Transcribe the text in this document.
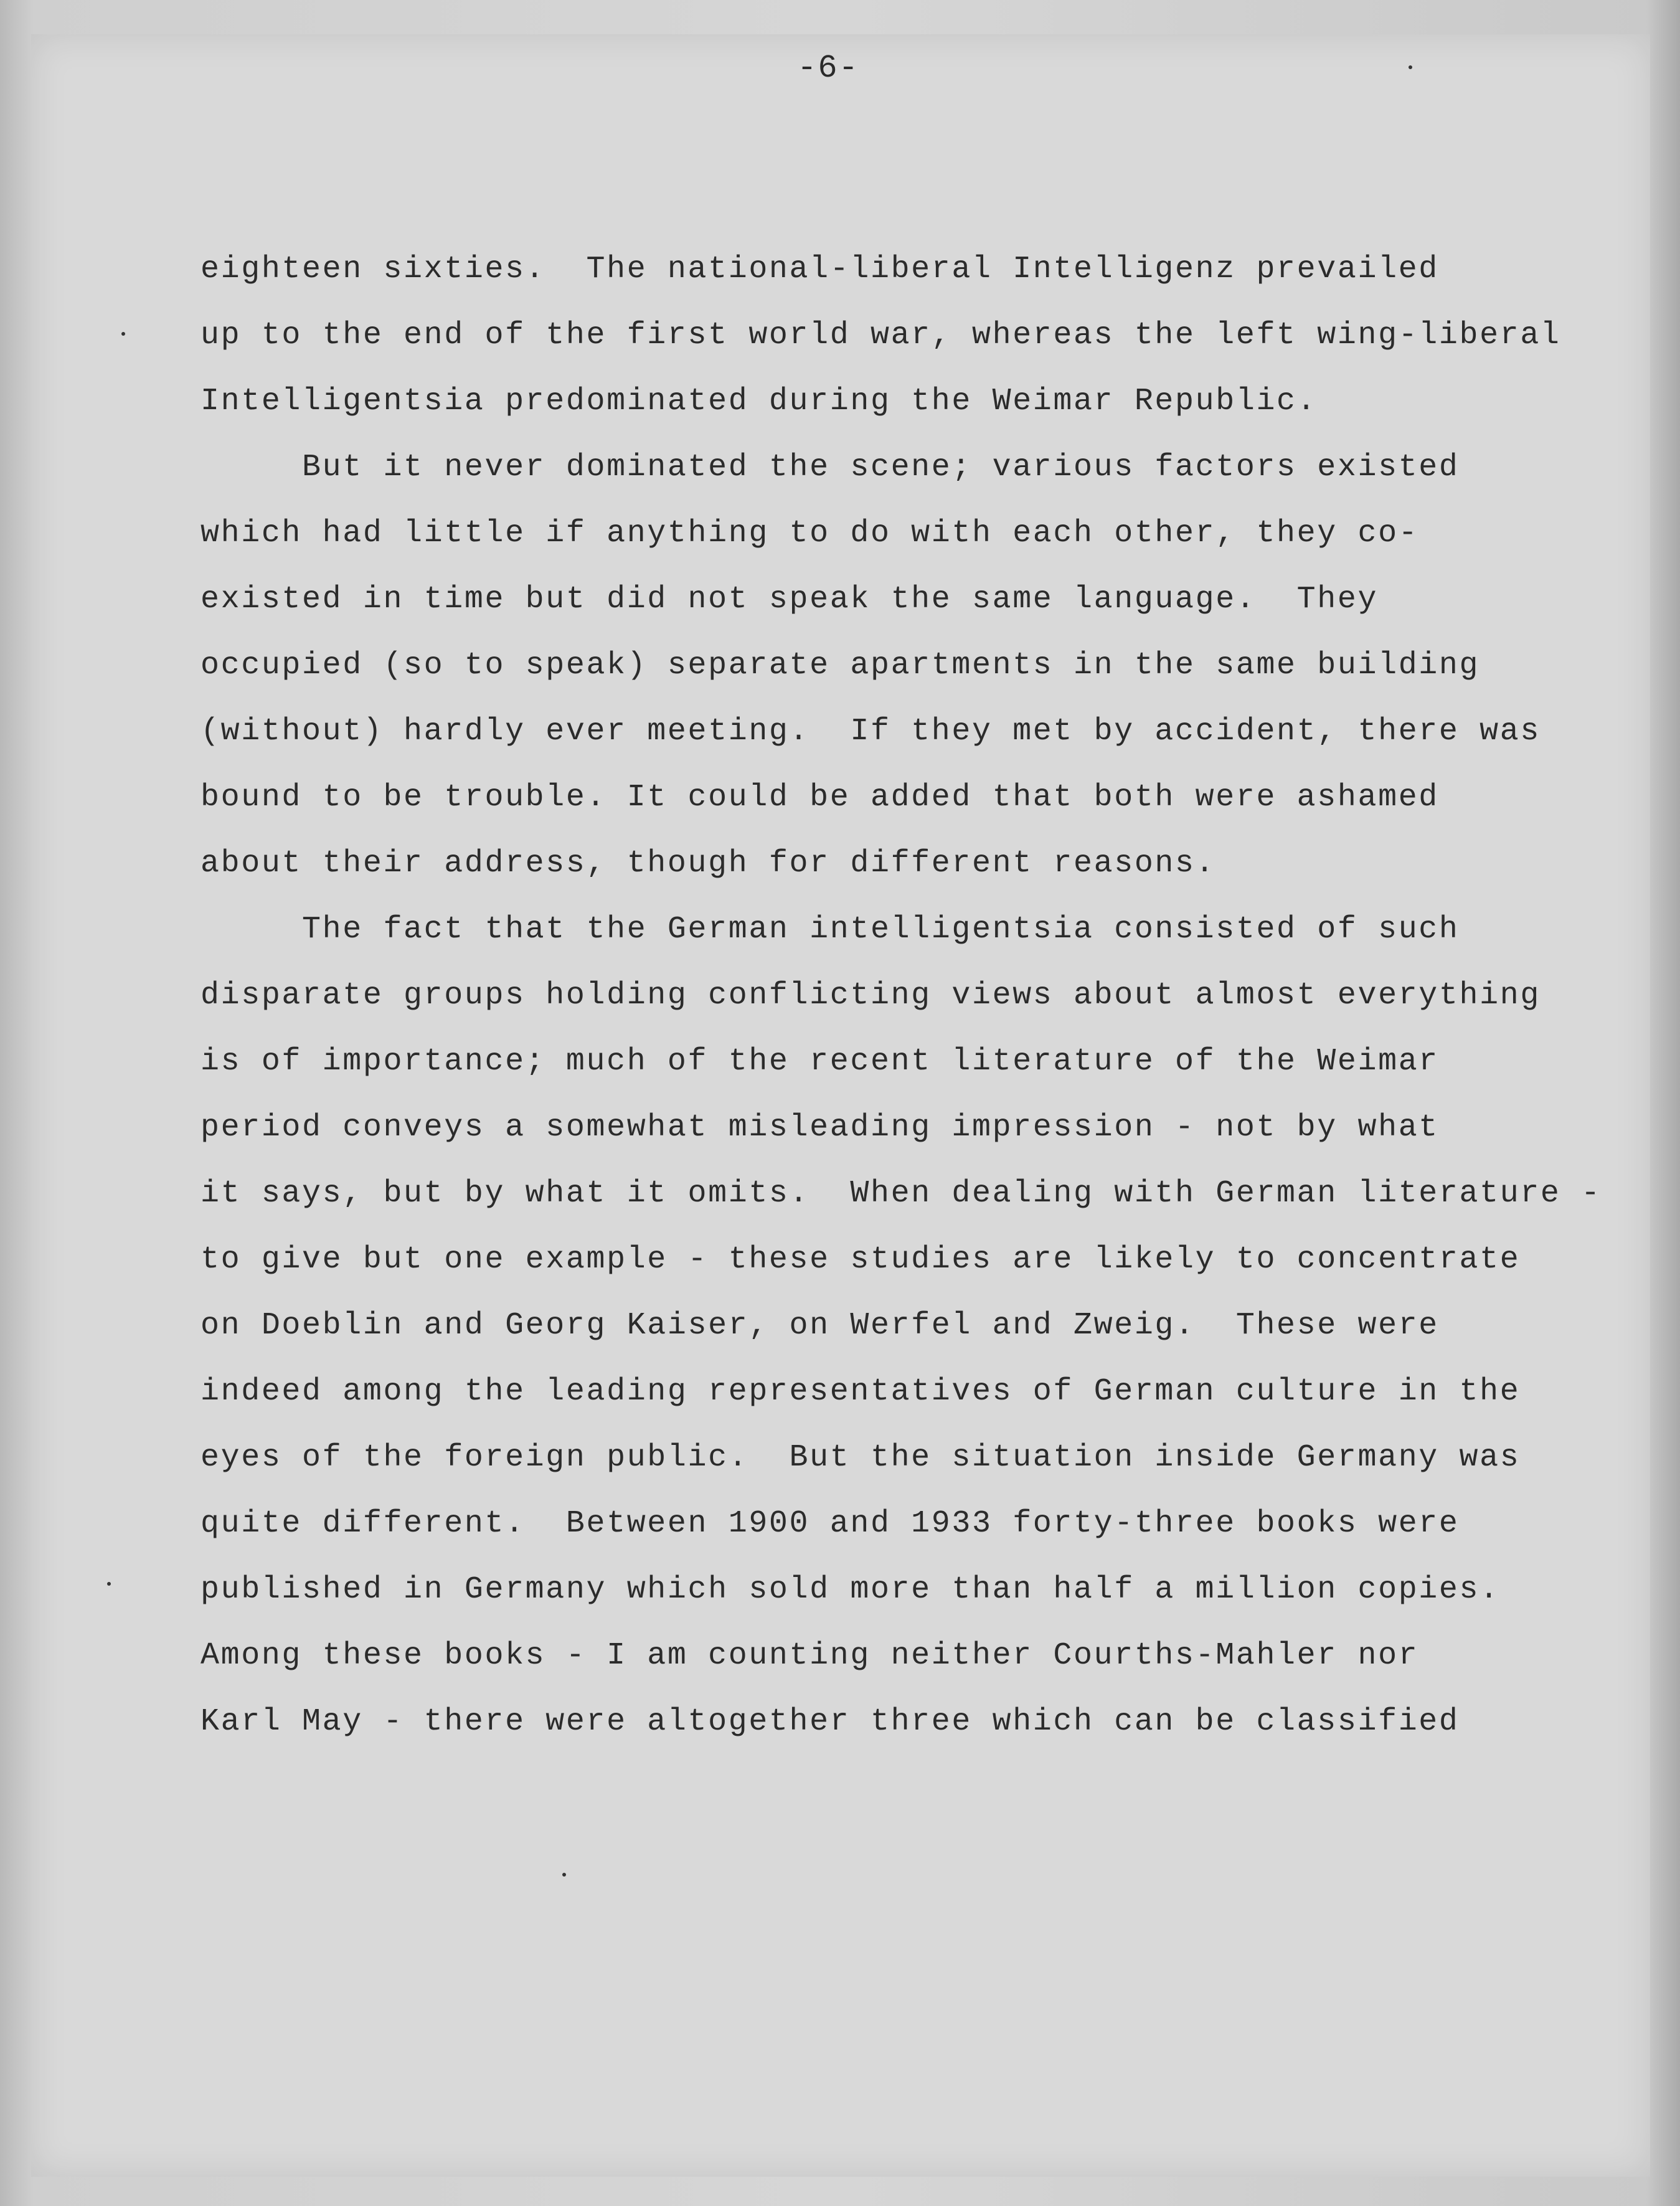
-6-
eighteen sixties.  The national-liberal Intelligenz prevailed
up to the end of the first world war, whereas the left wing-liberal
Intelligentsia predominated during the Weimar Republic.
But it never dominated the scene; various factors existed
which had little if anything to do with each other, they co-
existed in time but did not speak the same language.  They
occupied (so to speak) separate apartments in the same building
(without) hardly ever meeting.  If they met by accident, there was
bound to be trouble. It could be added that both were ashamed
about their address, though for different reasons.
The fact that the German intelligentsia consisted of such
disparate groups holding conflicting views about almost everything
is of importance; much of the recent literature of the Weimar
period conveys a somewhat misleading impression - not by what
it says, but by what it omits.  When dealing with German literature -
to give but one example - these studies are likely to concentrate
on Doeblin and Georg Kaiser, on Werfel and Zweig.  These were
indeed among the leading representatives of German culture in the
eyes of the foreign public.  But the situation inside Germany was
quite different.  Between 1900 and 1933 forty-three books were
published in Germany which sold more than half a million copies.
Among these books - I am counting neither Courths-Mahler nor
Karl May - there were altogether three which can be classified
